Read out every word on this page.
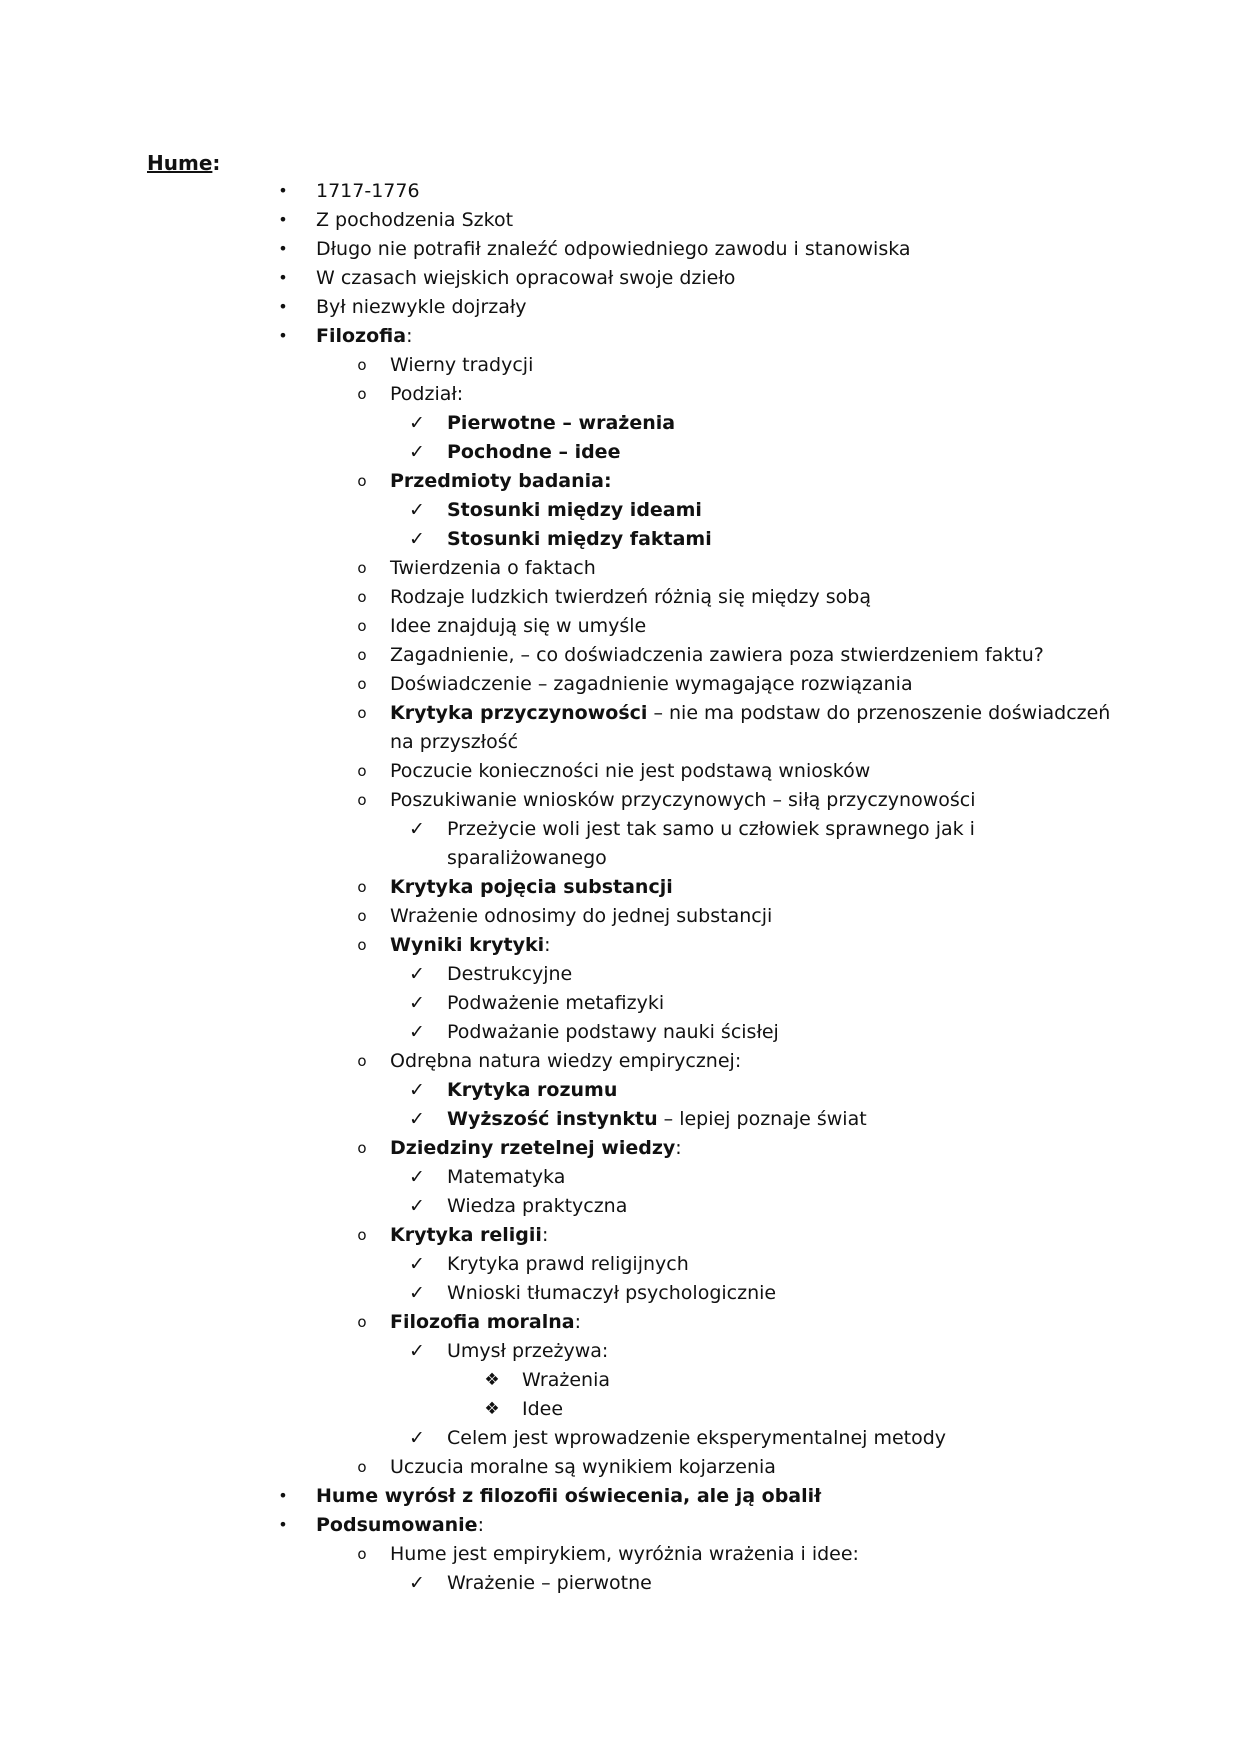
Hume:
• 1717-1776
• Z pochodzenia Szkot
• Długo nie potrafił znaleźć odpowiedniego zawodu i stanowiska
• W czasach wiejskich opracował swoje dzieło
• Był niezwykle dojrzały
• Filozofia:
o Wierny tradycji
o Podział:
✓ Pierwotne – wrażenia
✓ Pochodne – idee
o Przedmioty badania:
✓ Stosunki między ideami
✓ Stosunki między faktami
o Twierdzenia o faktach
o Rodzaje ludzkich twierdzeń różnią się między sobą
o Idee znajdują się w umyśle
o Zagadnienie, – co doświadczenia zawiera poza stwierdzeniem faktu?
o Doświadczenie – zagadnienie wymagające rozwiązania
o Krytyka przyczynowości – nie ma podstaw do przenoszenie doświadczeń
na przyszłość
o Poczucie konieczności nie jest podstawą wniosków
o Poszukiwanie wniosków przyczynowych – siłą przyczynowości
✓ Przeżycie woli jest tak samo u człowiek sprawnego jak i
sparaliżowanego
o Krytyka pojęcia substancji
o Wrażenie odnosimy do jednej substancji
o Wyniki krytyki:
✓ Destrukcyjne
✓ Podważenie metafizyki
✓ Podważanie podstawy nauki ścisłej
o Odrębna natura wiedzy empirycznej:
✓ Krytyka rozumu
✓ Wyższość instynktu – lepiej poznaje świat
o Dziedziny rzetelnej wiedzy:
✓ Matematyka
✓ Wiedza praktyczna
o Krytyka religii:
✓ Krytyka prawd religijnych
✓ Wnioski tłumaczył psychologicznie
o Filozofia moralna:
✓ Umysł przeżywa:
❖ Wrażenia
❖ Idee
✓ Celem jest wprowadzenie eksperymentalnej metody
o Uczucia moralne są wynikiem kojarzenia
• Hume wyrósł z filozofii oświecenia, ale ją obalił
• Podsumowanie:
o Hume jest empirykiem, wyróżnia wrażenia i idee:
✓ Wrażenie – pierwotne
